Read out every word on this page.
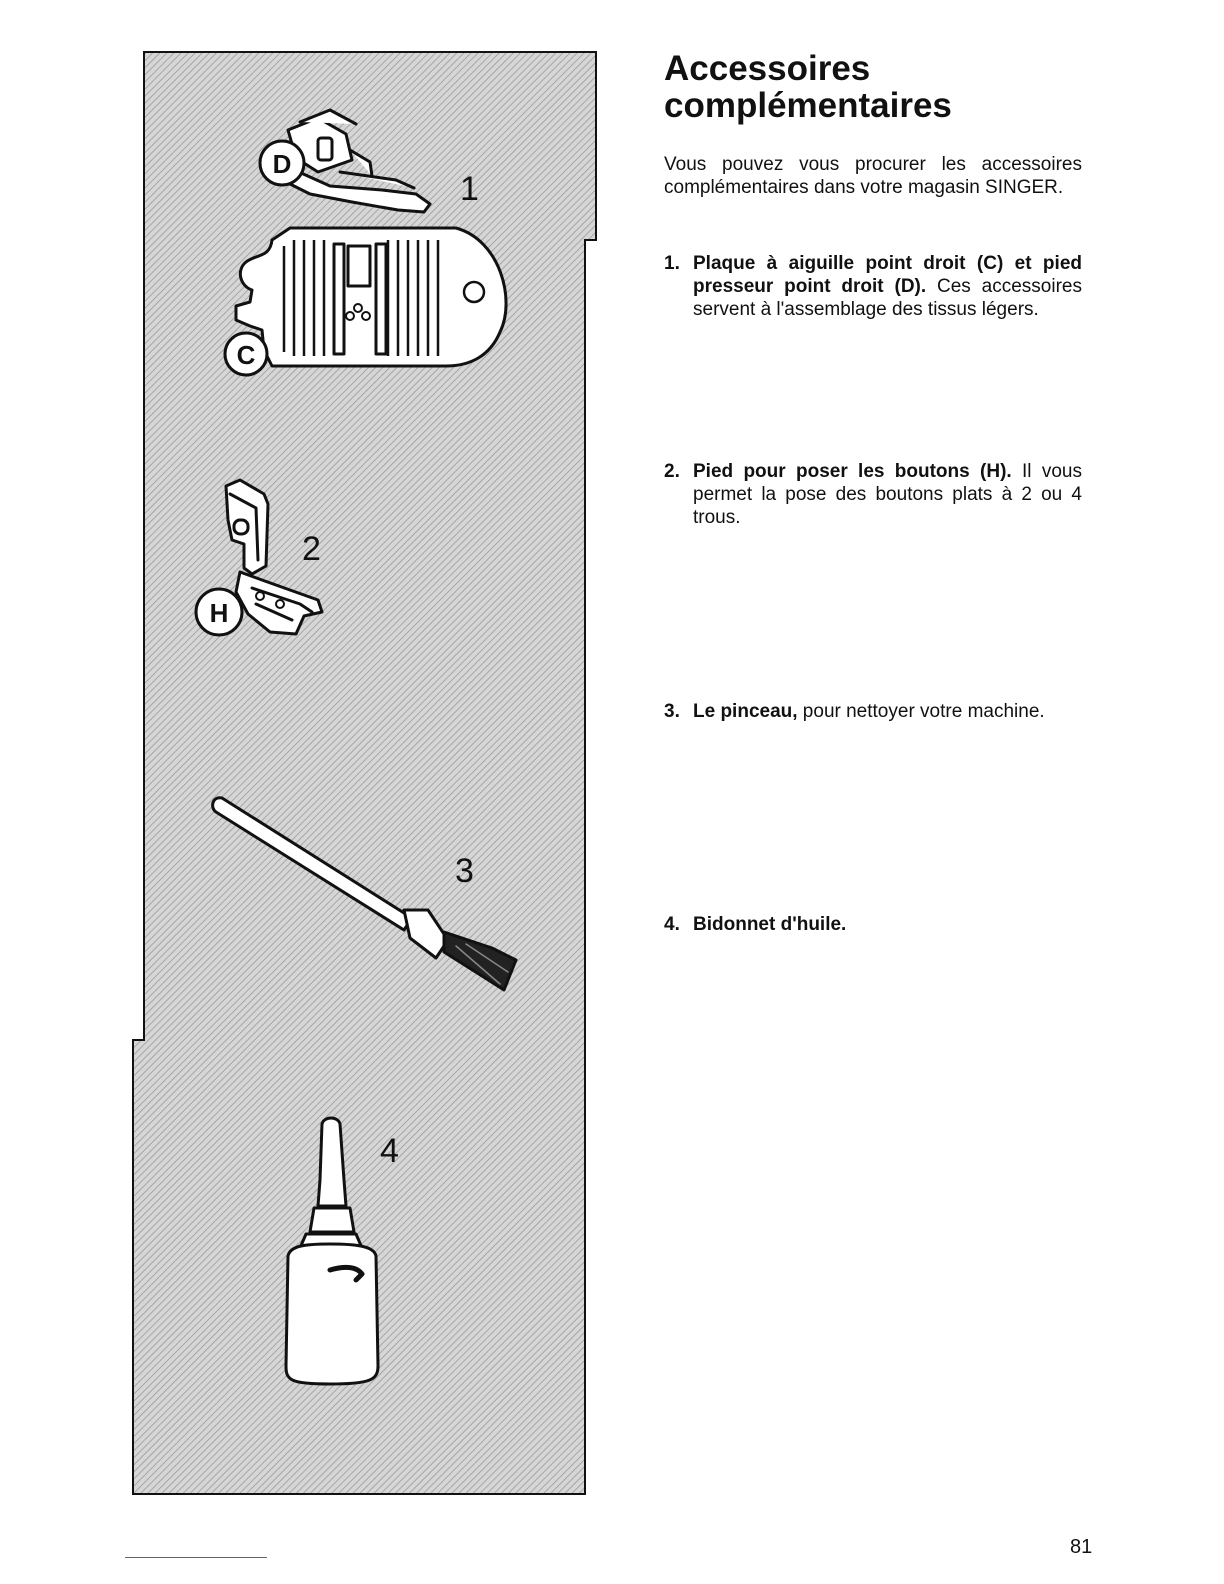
D
1
C
H
2
3
4
Accessoires
complémentaires

Vous pouvez vous procurer les accessoires complémentaires dans votre magasin SINGER.

1. Plaque à aiguille point droit (C) et pied presseur point droit (D). Ces accessoires servent à l'assemblage des tissus légers.

2. Pied pour poser les boutons (H). Il vous permet la pose des boutons plats à 2 ou 4 trous.

3. Le pinceau, pour nettoyer votre machine.

4. Bidonnet d'huile.

81
